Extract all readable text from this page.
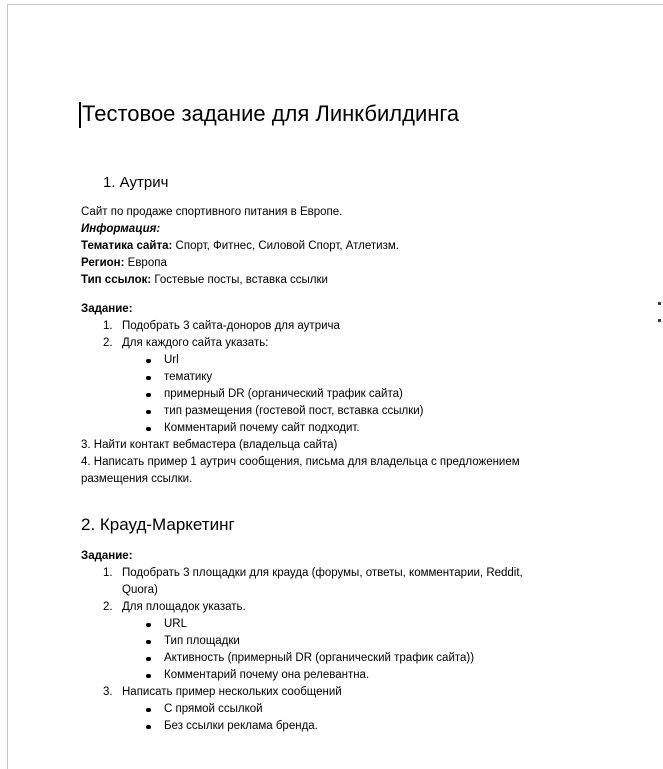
Тестовое задание для Линкбилдинга
1. Аутрич
Сайт по продаже спортивного питания в Европе.
Информация:
Тематика сайта: Спорт, Фитнес, Силовой Спорт, Атлетизм.
Регион: Европа
Тип ссылок: Гостевые посты, вставка ссылки
Задание:
1. Подобрать 3 сайта-доноров для аутрича
2. Для каждого сайта указать:
Url
тематику
примерный DR (органический трафик сайта)
тип размещения (гостевой пост, вставка ссылки)
Комментарий почему сайт подходит.
3. Найти контакт вебмастера (владельца сайта)
4. Написать пример 1 аутрич сообщения, письма для владельца с предложением
размещения ссылки.
2. Крауд-Маркетинг
Задание:
1. Подобрать 3 площадки для крауда (форумы, ответы, комментарии, Reddit,
Quora)
2. Для площадок указать.
URL
Тип площадки
Активность (примерный DR (органический трафик сайта))
Комментарий почему она релевантна.
3. Написать пример нескольких сообщений
С прямой ссылкой
Без ссылки реклама бренда.
